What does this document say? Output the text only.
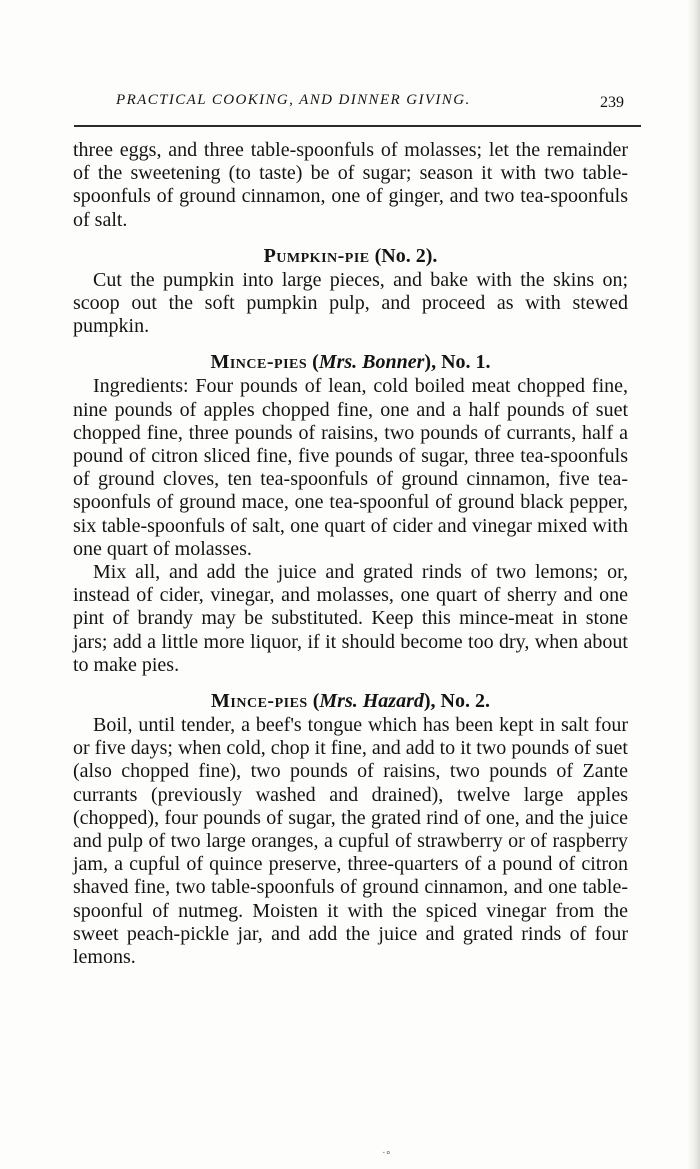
PRACTICAL COOKING, AND DINNER GIVING.	239

three eggs, and three table-spoonfuls of molasses; let the remainder of the sweetening (to taste) be of sugar; season it with two table-spoonfuls of ground cinnamon, one of ginger, and two tea-spoonfuls of salt.

Pumpkin-pie (No. 2).

Cut the pumpkin into large pieces, and bake with the skins on; scoop out the soft pumpkin pulp, and proceed as with stewed pumpkin.

Mince-pies (Mrs. Bonner), No. 1.

Ingredients: Four pounds of lean, cold boiled meat chopped fine, nine pounds of apples chopped fine, one and a half pounds of suet chopped fine, three pounds of raisins, two pounds of currants, half a pound of citron sliced fine, five pounds of sugar, three tea-spoonfuls of ground cloves, ten tea-spoonfuls of ground cinnamon, five tea-spoonfuls of ground mace, one tea-spoonful of ground black pepper, six table-spoonfuls of salt, one quart of cider and vinegar mixed with one quart of molasses.

Mix all, and add the juice and grated rinds of two lemons; or, instead of cider, vinegar, and molasses, one quart of sherry and one pint of brandy may be substituted. Keep this mince-meat in stone jars; add a little more liquor, if it should become too dry, when about to make pies.

Mince-pies (Mrs. Hazard), No. 2.

Boil, until tender, a beef's tongue which has been kept in salt four or five days; when cold, chop it fine, and add to it two pounds of suet (also chopped fine), two pounds of raisins, two pounds of Zante currants (previously washed and drained), twelve large apples (chopped), four pounds of sugar, the grated rind of one, and the juice and pulp of two large oranges, a cupful of strawberry or of raspberry jam, a cupful of quince preserve, three-quarters of a pound of citron shaved fine, two table-spoonfuls of ground cinnamon, and one table-spoonful of nutmeg. Moisten it with the spiced vinegar from the sweet peach-pickle jar, and add the juice and grated rinds of four lemons.

·∘
